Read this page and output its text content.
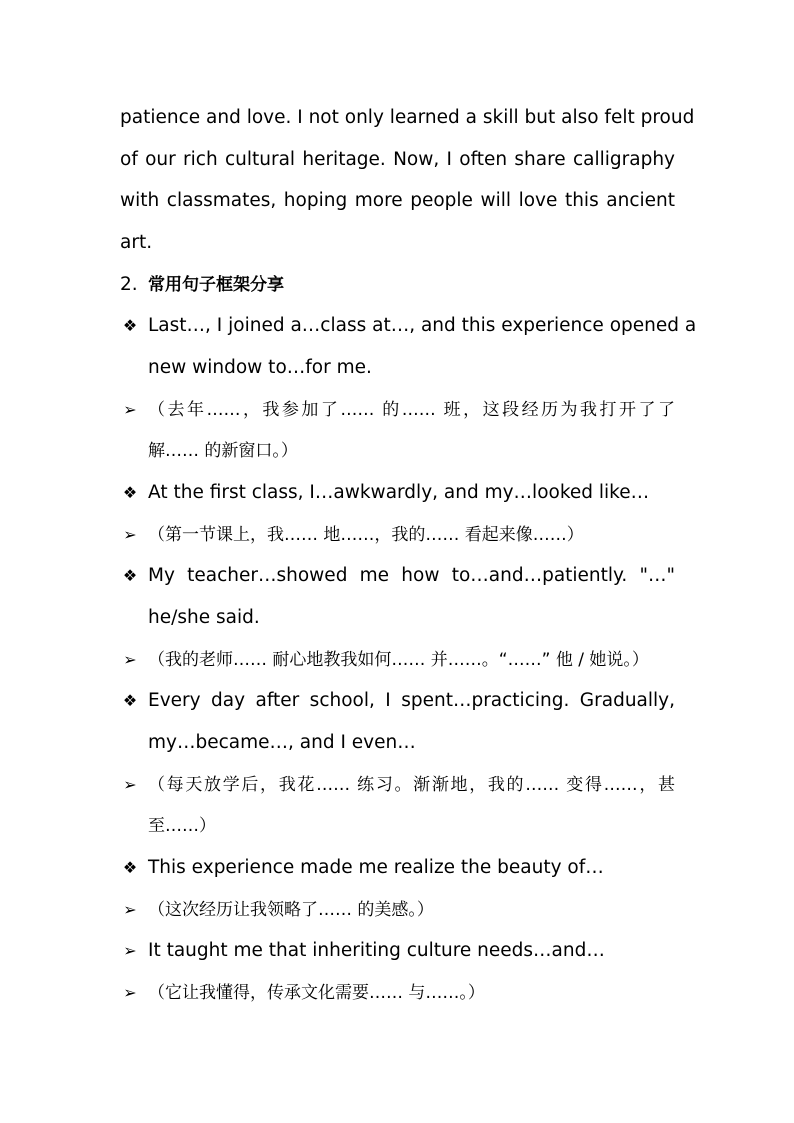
patience and love. I not only learned a skill but also felt proud
of our rich cultural heritage. Now, I often share calligraphy
with classmates, hoping more people will love this ancient
art.
2. 常用句子框架分享
❖ Last…, I joined a…class at…, and this experience opened a
new window to…for me.
➢ （去年……，我参加了…… 的…… 班，这段经历为我打开了了
解…… 的新窗口。）
❖ At the first class, I…awkwardly, and my…looked like…
➢ （第一节课上，我…… 地……，我的…… 看起来像……）
❖ My teacher…showed me how to…and…patiently. "…"
he/she said.
➢ （我的老师…… 耐心地教我如何…… 并……。“……” 他 / 她说。）
❖ Every day after school, I spent…practicing. Gradually,
my…became…, and I even…
➢ （每天放学后，我花…… 练习。渐渐地，我的…… 变得……，甚
至……）
❖ This experience made me realize the beauty of…
➢ （这次经历让我领略了…… 的美感。）
➢ It taught me that inheriting culture needs…and…
➢ （它让我懂得，传承文化需要…… 与……。）
